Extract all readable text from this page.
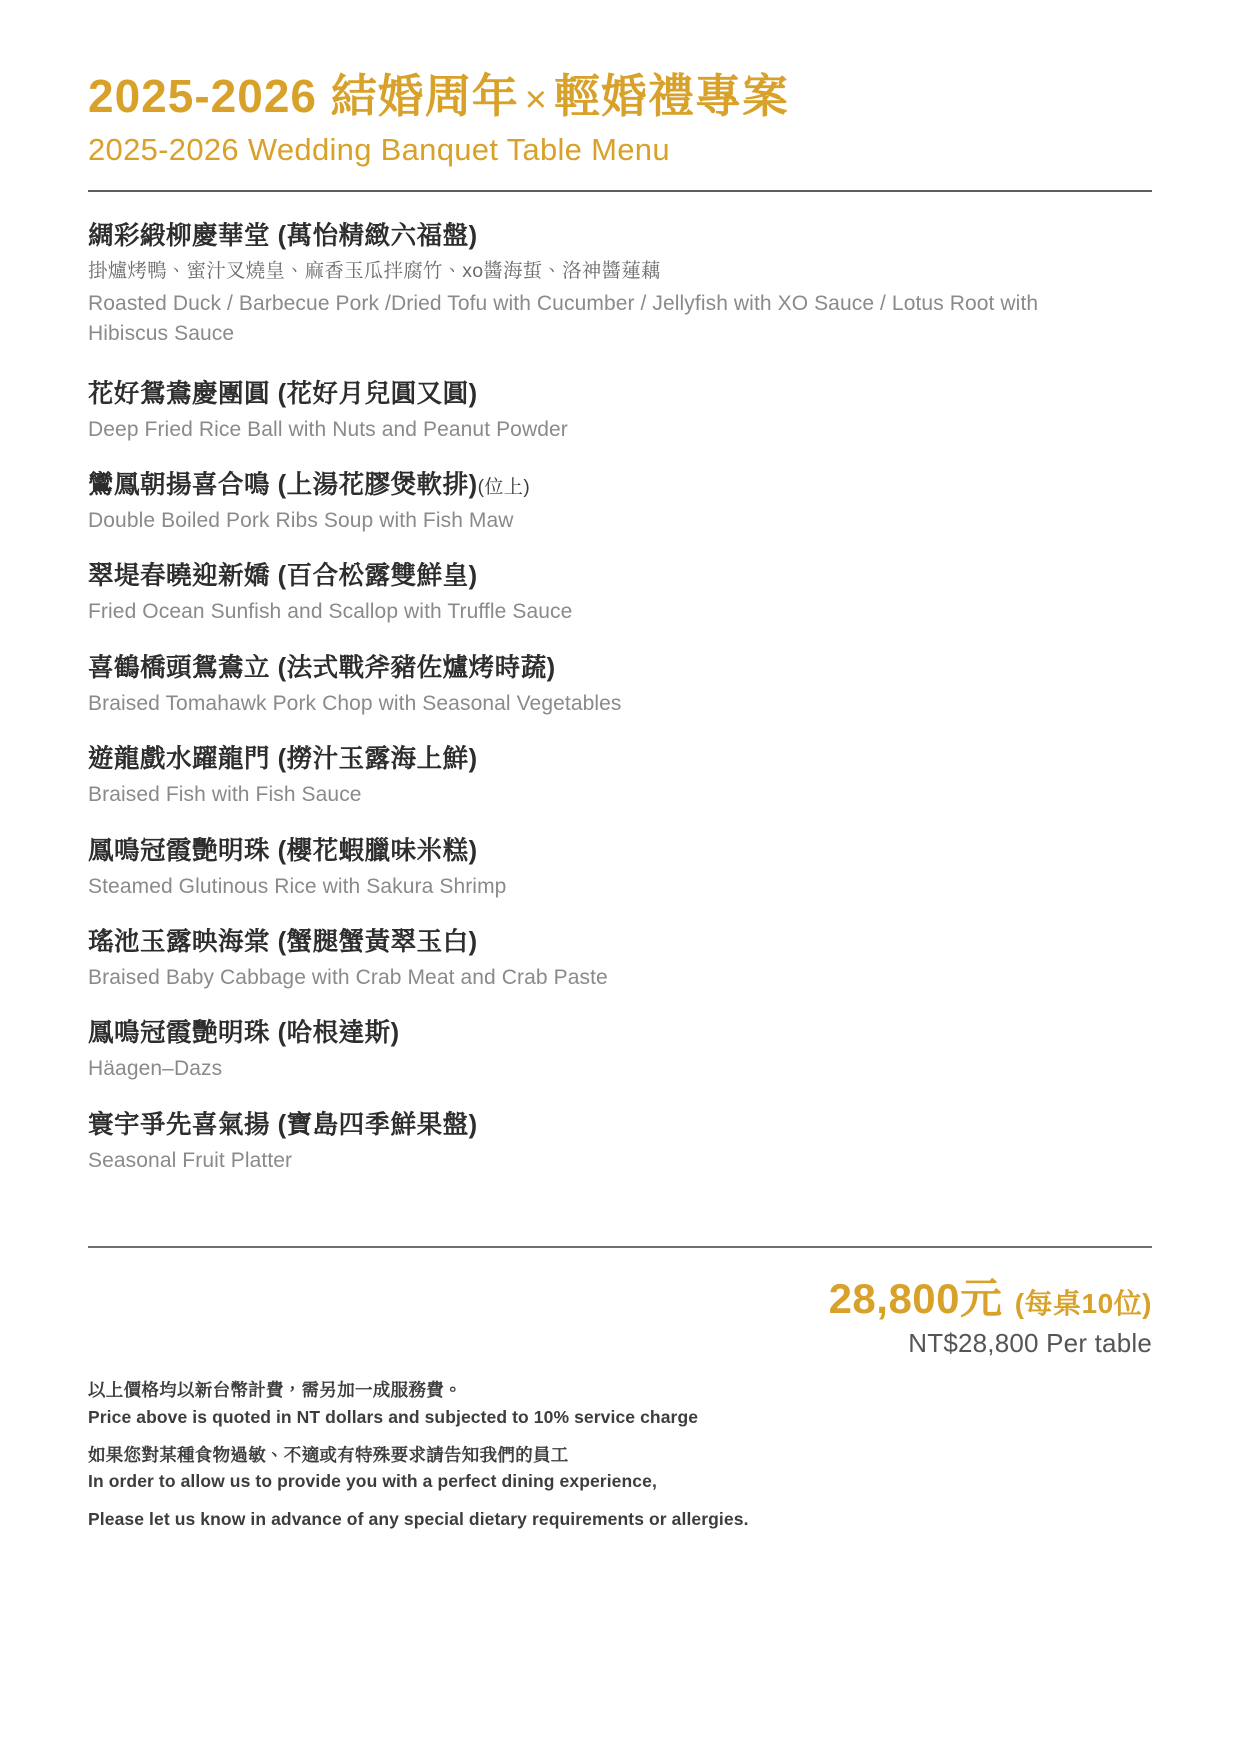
2025-2026 結婚周年 × 輕婚禮專案
2025-2026 Wedding Banquet Table Menu
綢彩緞柳慶華堂 (萬怡精緻六福盤)
掛爐烤鴨、蜜汁叉燒皇、麻香玉瓜拌腐竹、xo醬海蜇、洛神醬蓮藕
Roasted Duck / Barbecue Pork /Dried Tofu with Cucumber / Jellyfish with XO Sauce / Lotus Root with Hibiscus Sauce
花好鴛鴦慶團圓 (花好月兒圓又圓)
Deep Fried Rice Ball with Nuts and Peanut Powder
鸞鳳朝揚喜合鳴 (上湯花膠煲軟排)(位上)
Double Boiled Pork Ribs Soup with Fish Maw
翠堤春曉迎新嬌 (百合松露雙鮮皇)
Fried Ocean Sunfish and Scallop with Truffle Sauce
喜鶴橋頭鴛鴦立 (法式戰斧豬佐爐烤時蔬)
Braised Tomahawk Pork Chop with Seasonal Vegetables
遊龍戲水躍龍門 (撈汁玉露海上鮮)
Braised Fish with Fish Sauce
鳳鳴冠霞艷明珠 (櫻花蝦臘味米糕)
Steamed Glutinous Rice with Sakura Shrimp
瑤池玉露映海棠 (蟹腿蟹黃翠玉白)
Braised Baby Cabbage with Crab Meat and Crab Paste
鳳鳴冠霞艷明珠 (哈根達斯)
Häagen–Dazs
寰宇爭先喜氣揚 (寶島四季鮮果盤)
Seasonal Fruit Platter
28,800元 (每桌10位)
NT$28,800 Per table
以上價格均以新台幣計費，需另加一成服務費。
Price above is quoted in NT dollars and subjected to 10% service charge
如果您對某種食物過敏、不適或有特殊要求請告知我們的員工
In order to allow us to provide you with a perfect dining experience,
Please let us know in advance of any special dietary requirements or allergies.
